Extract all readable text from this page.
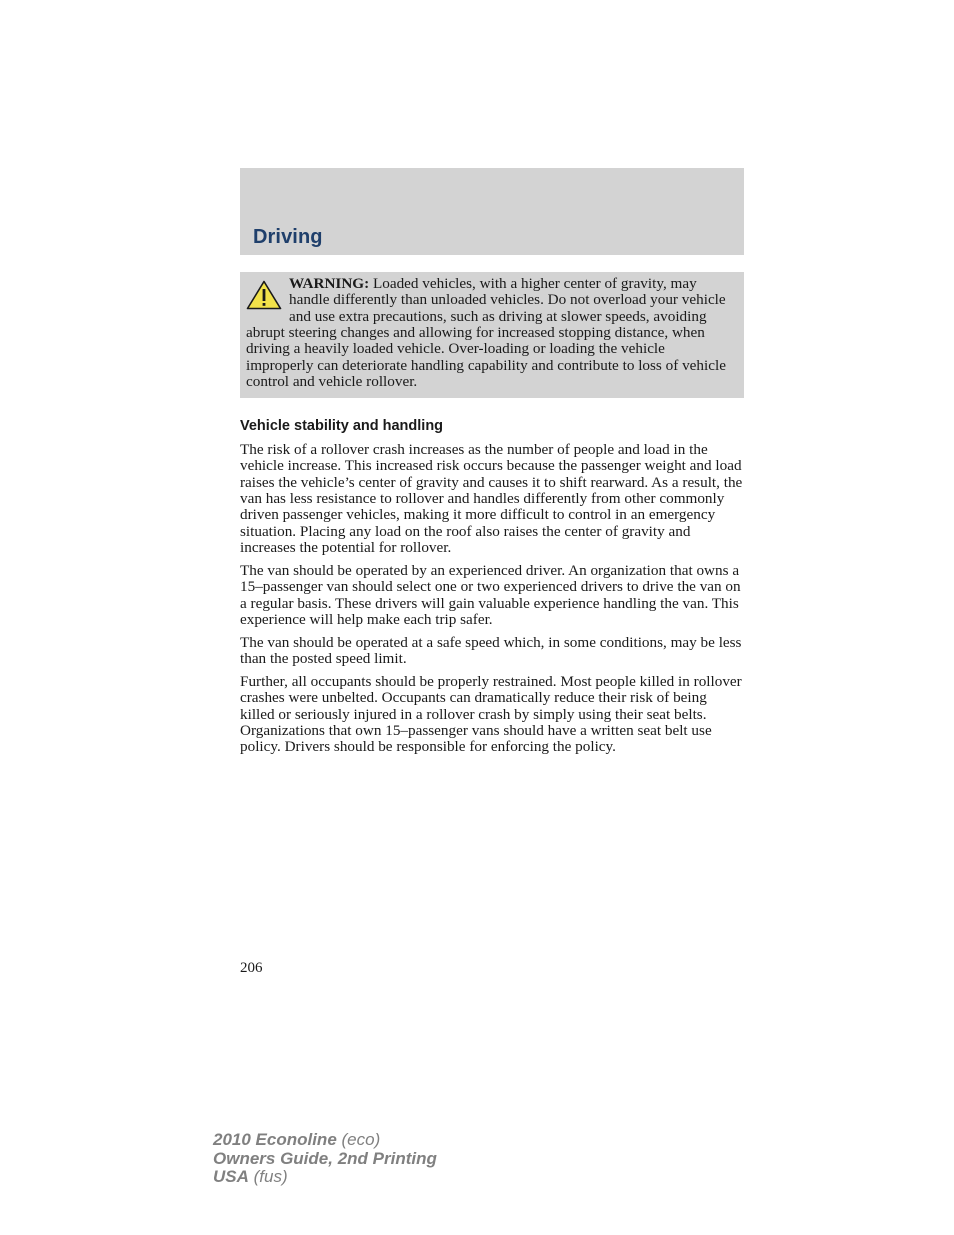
Driving
WARNING: Loaded vehicles, with a higher center of gravity, may handle differently than unloaded vehicles. Do not overload your vehicle and use extra precautions, such as driving at slower speeds, avoiding abrupt steering changes and allowing for increased stopping distance, when driving a heavily loaded vehicle. Over-loading or loading the vehicle improperly can deteriorate handling capability and contribute to loss of vehicle control and vehicle rollover.
Vehicle stability and handling

The risk of a rollover crash increases as the number of people and load in the vehicle increase. This increased risk occurs because the passenger weight and load raises the vehicle’s center of gravity and causes it to shift rearward. As a result, the van has less resistance to rollover and handles differently from other commonly driven passenger vehicles, making it more difficult to control in an emergency situation. Placing any load on the roof also raises the center of gravity and increases the potential for rollover.

The van should be operated by an experienced driver. An organization that owns a 15–passenger van should select one or two experienced drivers to drive the van on a regular basis. These drivers will gain valuable experience handling the van. This experience will help make each trip safer.

The van should be operated at a safe speed which, in some conditions, may be less than the posted speed limit.

Further, all occupants should be properly restrained. Most people killed in rollover crashes were unbelted. Occupants can dramatically reduce their risk of being killed or seriously injured in a rollover crash by simply using their seat belts. Organizations that own 15–passenger vans should have a written seat belt use policy. Drivers should be responsible for enforcing the policy.

206
2010 Econoline (eco)
Owners Guide, 2nd Printing
USA (fus)
